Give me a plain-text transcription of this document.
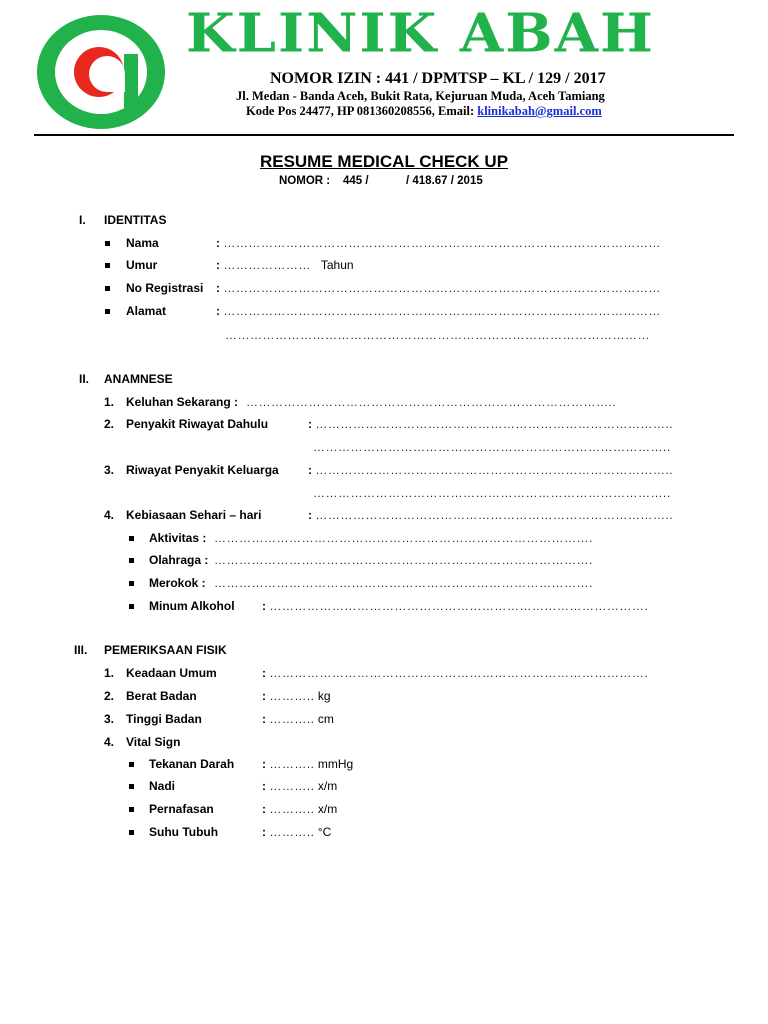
KLINIK ABAH
NOMOR IZIN : 441 / DPMTSP – KL / 129 / 2017
Jl. Medan - Banda Aceh, Bukit Rata, Kejuruan Muda, Aceh Tamiang
Kode Pos 24477, HP 081360208556, Email: klinikabah@gmail.com
RESUME MEDICAL CHECK UP
NOMOR : 445 /	/ 418.67 / 2015
I. IDENTITAS
Nama	: ……………………………………………………………………………………………
Umur	: ………………… Tahun
No Registrasi : ……………………………………………………………………………………………
Alamat	: ……………………………………………………………………………………………
…………………………………………………………………………………………
II. ANAMNESE
1. Keluhan Sekarang : ……………………………………………………………………………..
2. Penyakit Riwayat Dahulu	: …………………………………………………………………………..
…………………………………………………………………………..
3. Riwayat Penyakit Keluarga : …………………………………………………………………………..
…………………………………………………………………………..
4. Kebiasaan Sehari – hari	: …………………………………………………………………………..
Aktivitas : ……………………………………………………………………………….
Olahraga : ……………………………………………………………………………….
Merokok : ……………………………………………………………………………….
Minum Alkohol : ……………………………………………………………………………….
III. PEMERIKSAAN FISIK
1. Keadaan Umum	: ……………………………………………………………………………….
2. Berat Badan	: ……….. kg
3. Tinggi Badan	: ……….. cm
4. Vital Sign
Tekanan Darah : ……….. mmHg
Nadi	: ……….. x/m
Pernafasan	: ……….. x/m
Suhu Tubuh	: ……….. °C
